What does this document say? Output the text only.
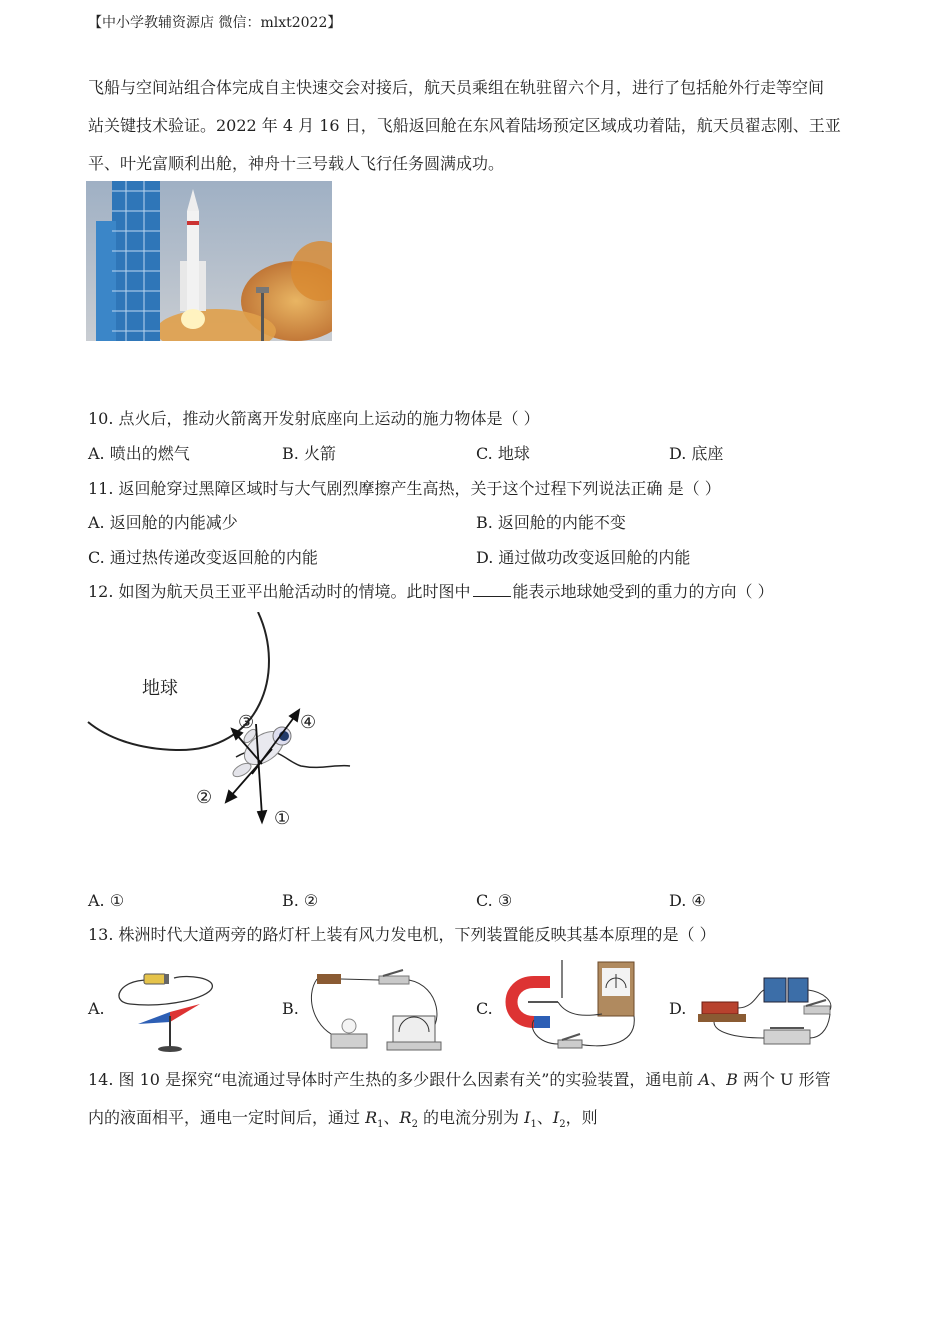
【中小学教辅资源店 微信：mlxt2022】
飞船与空间站组合体完成自主快速交会对接后，航天员乘组在轨驻留六个月，进行了包括舱外行走等空间
站关键技术验证。2022 年 4 月 16 日，飞船返回舱在东风着陆场预定区域成功着陆，航天员翟志刚、王亚
平、叶光富顺利出舱，神舟十三号载人飞行任务圆满成功。
10. 点火后，推动火箭离开发射底座向上运动的施力物体是（ ）
A. 喷出的燃气	B. 火箭	C. 地球	D. 底座
11. 返回舱穿过黑障区域时与大气剧烈摩擦产生高热，关于这个过程下列说法正确 是（ ）
A. 返回舱的内能减少	B. 返回舱的内能不变
C. 通过热传递改变返回舱的内能	D. 通过做功改变返回舱的内能
12. 如图为航天员王亚平出舱活动时的情境。此时图中	能表示地球她受到的重力的方向（ ）
地球
①
②
③	④
A. ①	B. ②	C. ③	D. ④
13. 株洲时代大道两旁的路灯杆上装有风力发电机，下列装置能反映其基本原理的是（ ）
A.	B.	C.	D.
14. 图 10 是探究“电流通过导体时产生热的多少跟什么因素有关”的实验装置，通电前 A、B 两个 U 形管
内的液面相平，通电一定时间后，通过 $R_1$、$R_2$ 的电流分别为 $I_1$、$I_2$，则
